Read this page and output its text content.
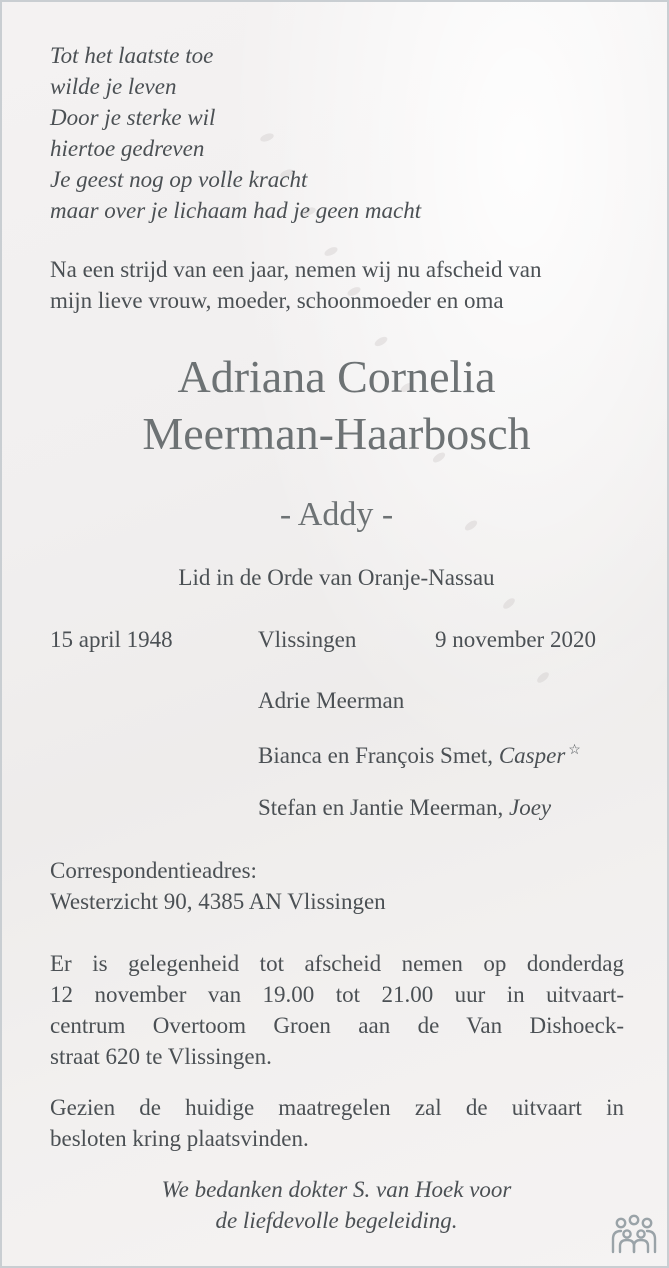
Tot het laatste toe
wilde je leven
Door je sterke wil
hiertoe gedreven
Je geest nog op volle kracht
maar over je lichaam had je geen macht
Na een strijd van een jaar, nemen wij nu afscheid van
mijn lieve vrouw, moeder, schoonmoeder en oma
Adriana Cornelia
Meerman-Haarbosch
- Addy -
Lid in de Orde van Oranje-Nassau
15 april 1948	Vlissingen	9 november 2020
Adrie Meerman
Bianca en François Smet, Casper ☆
Stefan en Jantie Meerman, Joey
Correspondentieadres:
Westerzicht 90, 4385 AN Vlissingen
Er is gelegenheid tot afscheid nemen op donderdag
12 november van 19.00 tot 21.00 uur in uitvaart-
centrum Overtoom Groen aan de Van Dishoeck-
straat 620 te Vlissingen.
Gezien de huidige maatregelen zal de uitvaart in
besloten kring plaatsvinden.
We bedanken dokter S. van Hoek voor
de liefdevolle begeleiding.
